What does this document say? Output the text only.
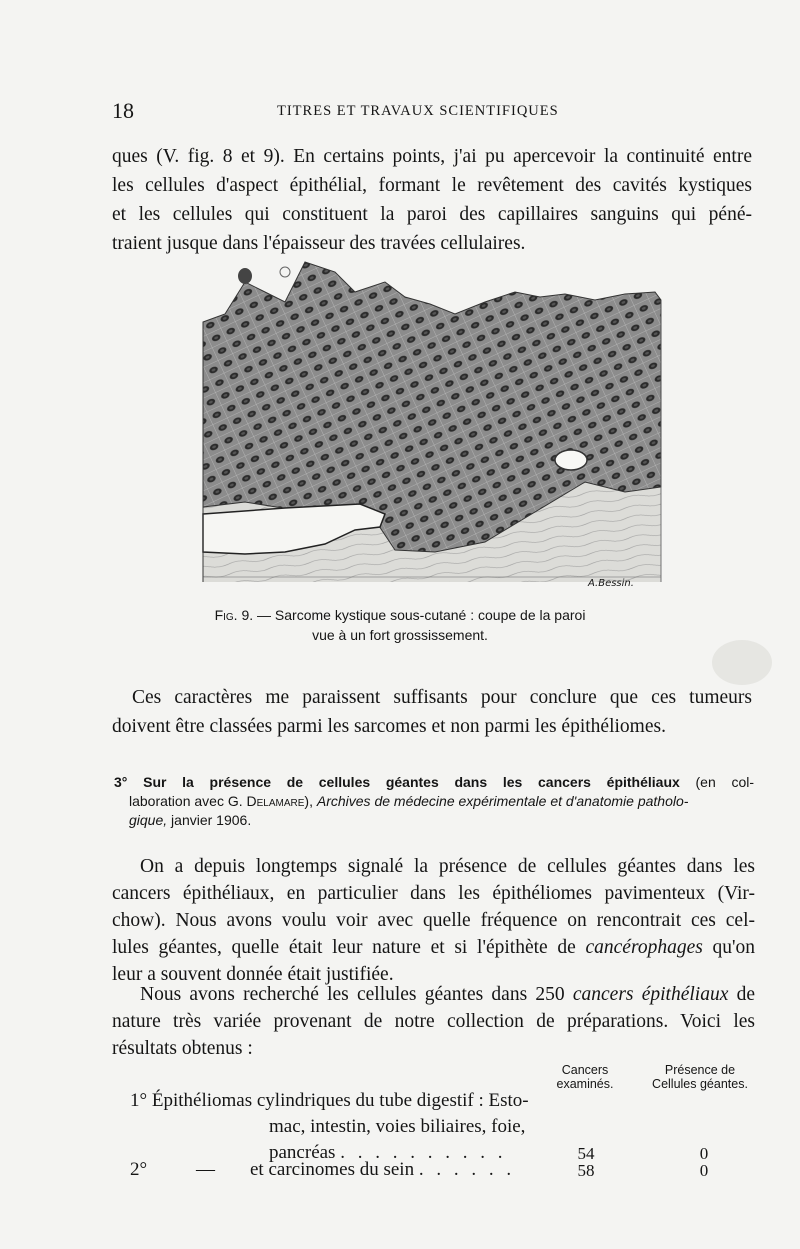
18	TITRES ET TRAVAUX SCIENTIFIQUES
ques (V. fig. 8 et 9). En certains points, j'ai pu apercevoir la continuité entre
les cellules d'aspect épithélial, formant le revêtement des cavités kystiques
et les cellules qui constituent la paroi des capillaires sanguins qui péné-
traient jusque dans l'épaisseur des travées cellulaires.
A.Bessin.
Fig. 9. — Sarcome kystique sous-cutané : coupe de la paroi
vue à un fort grossissement.
Ces caractères me paraissent suffisants pour conclure que ces tumeurs
doivent être classées parmi les sarcomes et non parmi les épithéliomes.
3° Sur la présence de cellules géantes dans les cancers épithéliaux (en col-
laboration avec G. Delamare), Archives de médecine expérimentale et d'anatomie patholo-
gique, janvier 1906.
On a depuis longtemps signalé la présence de cellules géantes dans les
cancers épithéliaux, en particulier dans les épithéliomes pavimenteux (Vir-
chow). Nous avons voulu voir avec quelle fréquence on rencontrait ces cel-
lules géantes, quelle était leur nature et si l'épithète de cancérophages qu'on
leur a souvent donnée était justifiée.
Nous avons recherché les cellules géantes dans 250 cancers épithéliaux de
nature très variée provenant de notre collection de préparations. Voici les
résultats obtenus :
Cancers
examinés.
Présence de
Cellules géantes.
1° Épithéliomas cylindriques du tube digestif : Esto-
mac, intestin, voies biliaires, foie,
pancréas . . . . . . . . . .	54	0
2°	— et carcinomes du sein . . . . . .	58	0
